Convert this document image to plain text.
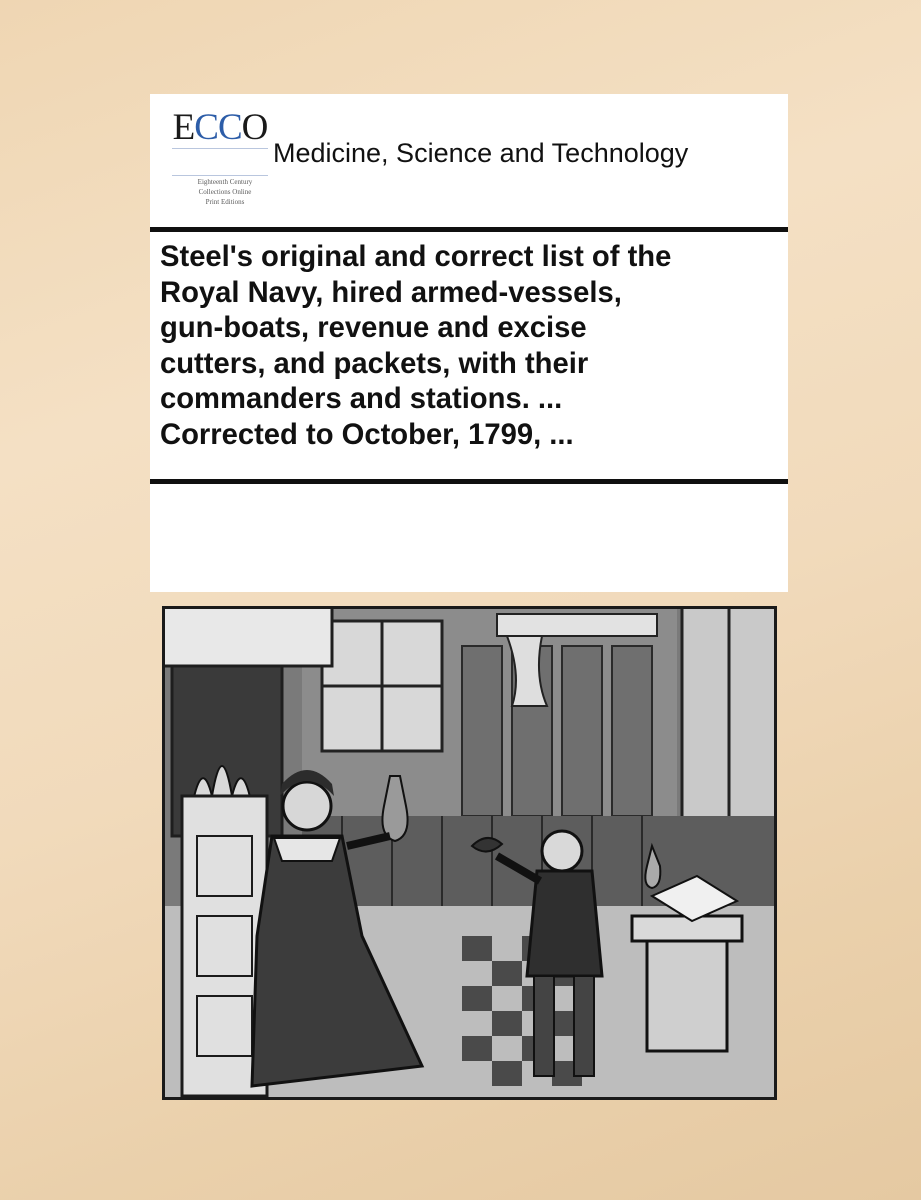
ECCO
Eighteenth Century
Collections Online
Print Editions
Medicine, Science and Technology
Steel's original and correct list of the
Royal Navy, hired armed-vessels,
gun-boats, revenue and excise
cutters, and packets, with their
commanders and stations. ...
Corrected to October, 1799, ...
